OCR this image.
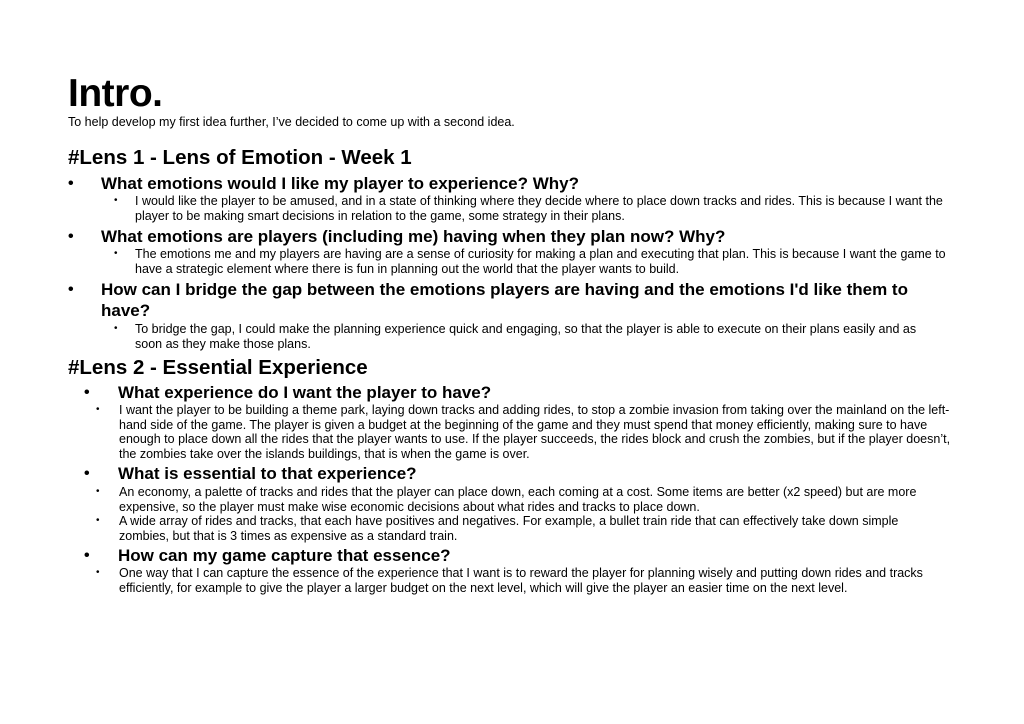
Intro.
To help develop my first idea further, I’ve decided to come up with a second idea.
#Lens 1 - Lens of Emotion - Week 1
• What emotions would I like my player to experience? Why?
• I would like the player to be amused, and in a state of thinking where they decide where to place down tracks and rides. This is because I want the player to be making smart decisions in relation to the game, some strategy in their plans.
• What emotions are players (including me) having when they plan now? Why?
• The emotions me and my players are having are a sense of curiosity for making a plan and executing that plan. This is because I want the game to have a strategic element where there is fun in planning out the world that the player wants to build.
• How can I bridge the gap between the emotions players are having and the emotions I'd like them to have?
• To bridge the gap, I could make the planning experience quick and engaging, so that the player is able to execute on their plans easily and as soon as they make those plans.
#Lens 2 - Essential Experience
• What experience do I want the player to have?
• I want the player to be building a theme park, laying down tracks and adding rides, to stop a zombie invasion from taking over the mainland on the left-hand side of the game. The player is given a budget at the beginning of the game and they must spend that money efficiently, making sure to have enough to place down all the rides that the player wants to use. If the player succeeds, the rides block and crush the zombies, but if the player doesn’t, the zombies take over the islands buildings, that is when the game is over.
• What is essential to that experience?
• An economy, a palette of tracks and rides that the player can place down, each coming at a cost. Some items are better (x2 speed) but are more expensive, so the player must make wise economic decisions about what rides and tracks to place down.
• A wide array of rides and tracks, that each have positives and negatives. For example, a bullet train ride that can effectively take down simple zombies, but that is 3 times as expensive as a standard train.
• How can my game capture that essence?
• One way that I can capture the essence of the experience that I want is to reward the player for planning wisely and putting down rides and tracks efficiently, for example to give the player a larger budget on the next level, which will give the player an easier time on the next level.
